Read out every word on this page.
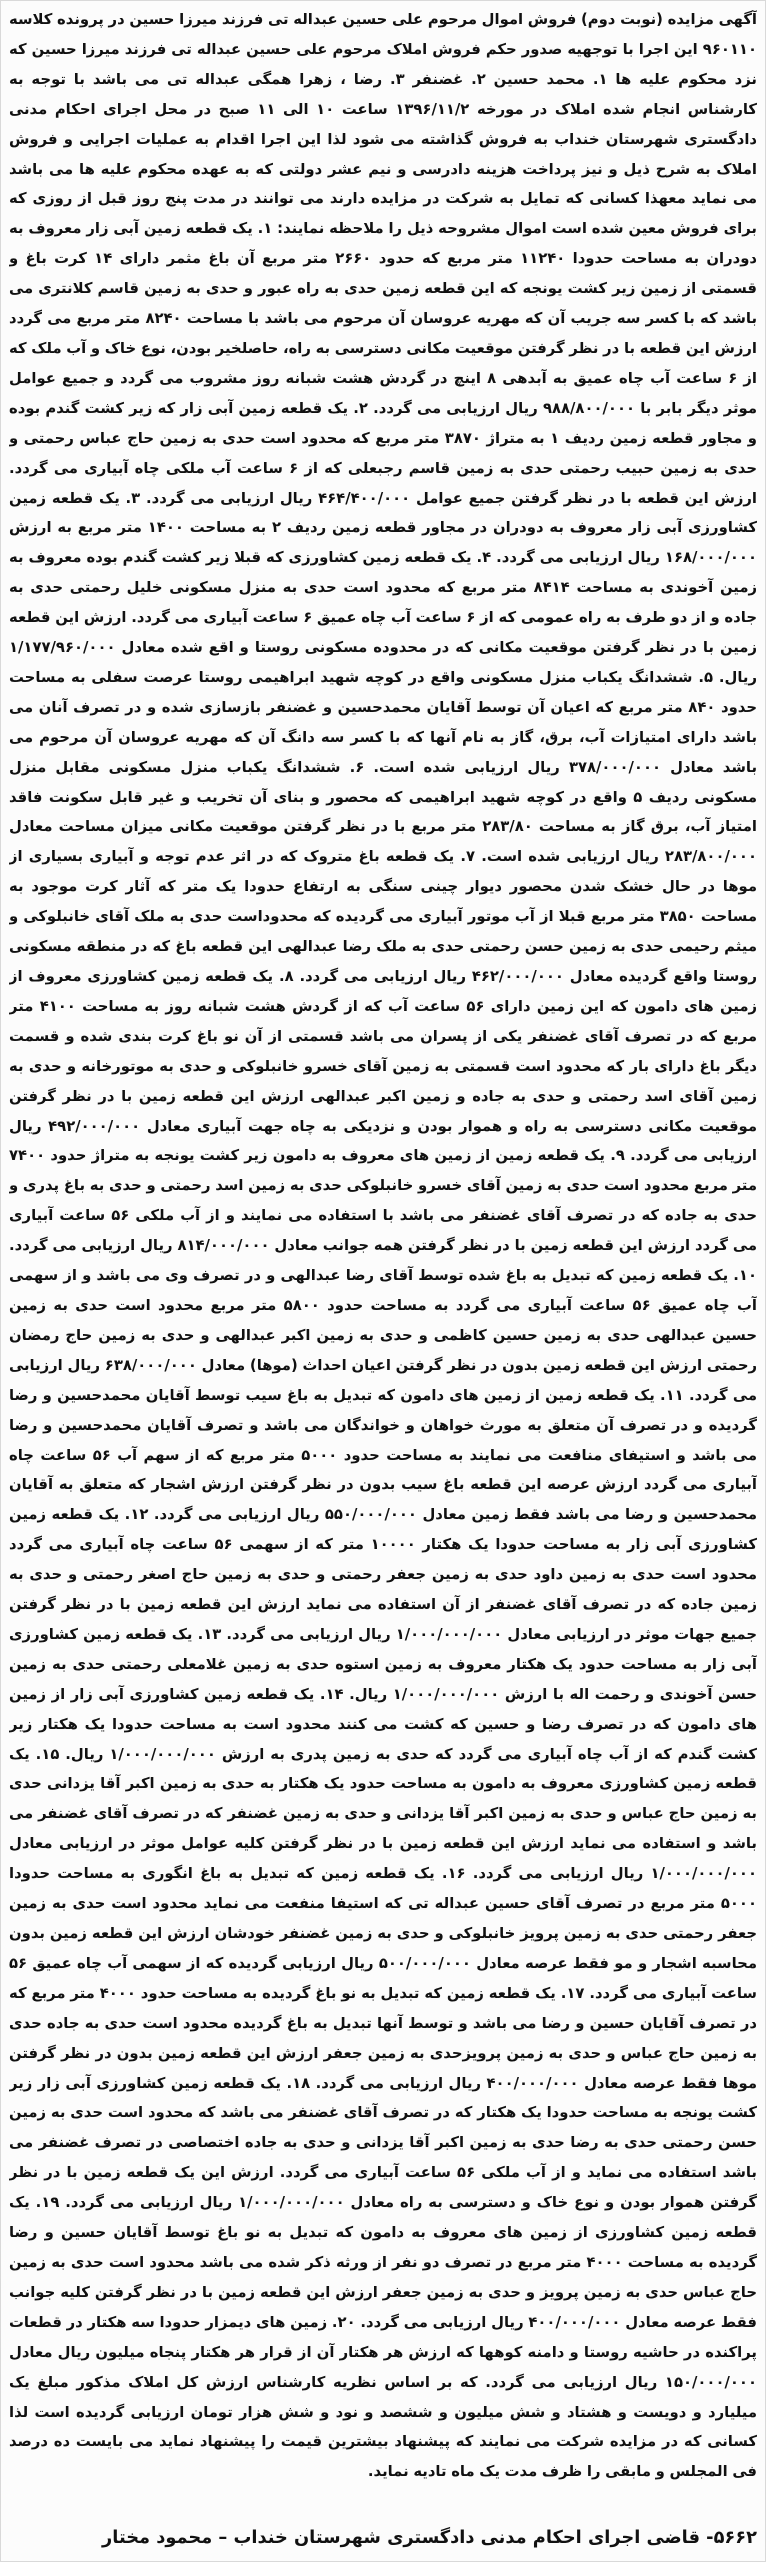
آگهی مزایده (نوبت دوم) فروش اموال مرحوم علی حسین عبداله تی فرزند میرزا حسین در پرونده کلاسه ۹۶۰۱۱۰ این اجرا با توجهیه صدور حکم فروش املاک مرحوم علی حسین عبداله تی فرزند میرزا حسین که نزد محکوم علیه ها ۱. محمد حسین ۲. غضنفر ۳. رضا ، زهرا همگی عبداله تی می باشد با توجه به کارشناس انجام شده املاک در مورخه ۱۳۹۶/۱۱/۲ ساعت ۱۰ الی ۱۱ صبح در محل اجرای احکام مدنی دادگستری شهرستان خنداب به فروش گذاشته می شود لذا این اجرا اقدام به عملیات اجرایی و فروش املاک به شرح ذیل و نیز پرداخت هزینه دادرسی و نیم عشر دولتی که به عهده محکوم علیه ها می باشد می نماید معهذا کسانی که تمایل به شرکت در مزایده دارند می توانند در مدت پنج روز قبل از روزی که برای فروش معین شده است اموال مشروحه ذیل را ملاحظه نمایند: ۱. یک قطعه زمین آبی زار معروف به دودران به مساحت حدودا ۱۱۲۴۰ متر مربع که حدود ۲۶۶۰ متر مربع آن باغ مثمر دارای ۱۴ کرت باغ و قسمتی از زمین زیر کشت یونجه که این قطعه زمین حدی به راه عبور و حدی به زمین قاسم کلانتری می باشد که با کسر سه جریب آن که مهریه عروسان آن مرحوم می باشد با مساحت ۸۲۴۰ متر مربع می گردد ارزش این قطعه با در نظر گرفتن موقعیت مکانی دسترسی به راه، حاصلخیر بودن، نوع خاک و آب ملک که از ۶ ساعت آب چاه عمیق به آبدهی ۸ اینچ در گردش هشت شبانه روز مشروب می گردد و جمیع عوامل موثر دیگر بابر با ۹۸۸/۸۰۰/۰۰۰ ریال ارزیابی می گردد. ۲. یک قطعه زمین آبی زار که زیر کشت گندم بوده و مجاور قطعه زمین ردیف ۱ به متراژ ۳۸۷۰ متر مربع که محدود است حدی به زمین حاج عباس رحمتی و حدی به زمین حبیب رحمتی حدی به زمین قاسم رجبعلی که از ۶ ساعت آب ملکی چاه آبیاری می گردد. ارزش این قطعه با در نظر گرفتن جمیع عوامل ۴۶۴/۴۰۰/۰۰۰ ریال ارزیابی می گردد. ۳. یک قطعه زمین کشاورزی آبی زار معروف به دودران در مجاور قطعه زمین ردیف ۲ به مساحت ۱۴۰۰ متر مربع به ارزش ۱۶۸/۰۰۰/۰۰۰ ریال ارزیابی می گردد. ۴. یک قطعه زمین کشاورزی که قبلا زیر کشت گندم بوده معروف به زمین آخوندی به مساحت ۸۴۱۴ متر مربع که محدود است حدی به منزل مسکونی خلیل رحمتی حدی به جاده و از دو طرف به راه عمومی که از ۶ ساعت آب چاه عمیق ۶ ساعت آبیاری می گردد. ارزش این قطعه زمین با در نظر گرفتن موقعیت مکانی که در محدوده مسکونی روستا و اقع شده معادل ۱/۱۷۷/۹۶۰/۰۰۰ ریال. ۵. ششدانگ یکباب منزل مسکونی واقع در کوچه شهید ابراهیمی روستا عرصت سفلی به مساحت حدود ۸۴۰ متر مربع که اعیان آن توسط آقایان محمدحسین و غضنفر بازسازی شده و در تصرف آنان می باشد دارای امتیازات آب، برق، گاز به نام آنها که با کسر سه دانگ آن که مهریه عروسان آن مرحوم می باشد معادل ۳۷۸/۰۰۰/۰۰۰ ریال ارزیابی شده است. ۶. ششدانگ یکباب منزل مسکونی مقابل منزل مسکونی ردیف ۵ واقع در کوچه شهید ابراهیمی که محصور و بنای آن تخریب و غیر قابل سکونت فاقد امتیاز آب، برق گاز به مساحت ۲۸۳/۸۰ متر مربع با در نظر گرفتن موقعیت مکانی میزان مساحت معادل ۲۸۳/۸۰۰/۰۰۰ ریال ارزیابی شده است. ۷. یک قطعه باغ متروک که در اثر عدم توجه و آبیاری بسیاری از موها در حال خشک شدن محصور دیوار چینی سنگی به ارتفاع حدودا یک متر که آثار کرت موجود به مساحت ۳۸۵۰ متر مربع قبلا از آب موتور آبیاری می گردیده که محدوداست حدی به ملک آقای خانبلوکی و میثم رحیمی حدی به زمین حسن رحمتی حدی به ملک رضا عبدالهی این قطعه باغ که در منطقه مسکونی روستا واقع گردیده معادل ۴۶۲/۰۰۰/۰۰۰ ریال ارزیابی می گردد. ۸. یک قطعه زمین کشاورزی معروف از زمین های دامون که این زمین دارای ۵۶ ساعت آب که از گردش هشت شبانه روز به مساحت ۴۱۰۰ متر مربع که در تصرف آقای غضنفر یکی از پسران می باشد قسمتی از آن نو باغ کرت بندی شده و قسمت دیگر باغ دارای بار که محدود است قسمتی به زمین آقای خسرو خانبلوکی و حدی به موتورخانه و حدی به زمین آقای اسد رحمتی و حدی به جاده و زمین اکبر عبدالهی ارزش این قطعه زمین با در نظر گرفتن موقعیت مکانی دسترسی به راه و هموار بودن و نزدیکی به چاه جهت آبیاری معادل ۴۹۲/۰۰۰/۰۰۰ ریال ارزیابی می گردد. ۹. یک قطعه زمین از زمین های معروف به دامون زیر کشت یونجه به متراژ حدود ۷۴۰۰ متر مربع محدود است حدی به زمین آقای خسرو خانبلوکی حدی به زمین اسد رحمتی و حدی به باغ پدری و حدی به جاده که در تصرف آقای غضنفر می باشد با استفاده می نمایند و از آب ملکی ۵۶ ساعت آبیاری می گردد ارزش این قطعه زمین با در نظر گرفتن همه جوانب معادل ۸۱۴/۰۰۰/۰۰۰ ریال ارزیابی می گردد. ۱۰. یک قطعه زمین که تبدیل به باغ شده توسط آقای رضا عبدالهی و در تصرف وی می باشد و از سهمی آب چاه عمیق ۵۶ ساعت آبیاری می گردد به مساحت حدود ۵۸۰۰ متر مربع محدود است حدی به زمین حسین عبدالهی حدی به زمین حسین کاظمی و حدی به زمین اکبر عبدالهی و حدی به زمین حاج رمضان رحمتی ارزش این قطعه زمین بدون در نظر گرفتن اعیان احداث (موها) معادل ۶۳۸/۰۰۰/۰۰۰ ریال ارزیابی می گردد. ۱۱. یک قطعه زمین از زمین های دامون که تبدیل به باغ سیب توسط آقایان محمدحسین و رضا گردیده و در تصرف آن متعلق به مورث خواهان و خواندگان می باشد و تصرف آقایان محمدحسین و رضا می باشد و استیفای منافعت می نمایند به مساحت حدود ۵۰۰۰ متر مربع که از سهم آب ۵۶ ساعت چاه آبیاری می گردد ارزش عرصه این قطعه باغ سیب بدون در نظر گرفتن ارزش اشجار که متعلق به آقایان محمدحسین و رضا می باشد فقط زمین معادل ۵۵۰/۰۰۰/۰۰۰ ریال ارزیابی می گردد. ۱۲. یک قطعه زمین کشاورزی آبی زار به مساحت حدودا یک هکتار ۱۰۰۰۰ متر که از سهمی ۵۶ ساعت چاه آبیاری می گردد محدود است حدی به زمین داود حدی به زمین جعفر رحمتی و حدی به زمین حاج اصغر رحمتی و حدی به زمین جاده که در تصرف آقای غضنفر از آن استفاده می نماید ارزش این قطعه زمین با در نظر گرفتن جمیع جهات موثر در ارزیابی معادل ۱/۰۰۰/۰۰۰/۰۰۰ ریال ارزیابی می گردد. ۱۳. یک قطعه زمین کشاورزی آبی زار به مساحت حدود یک هکتار معروف به زمین استوه حدی به زمین غلامعلی رحمتی حدی به زمین حسن آخوندی و رحمت اله با ارزش ۱/۰۰۰/۰۰۰/۰۰۰ ریال. ۱۴. یک قطعه زمین کشاورزی آبی زار از زمین های دامون که در تصرف رضا و حسین که کشت می کنند محدود است به مساحت حدودا یک هکتار زیر کشت گندم که از آب چاه آبیاری می گردد که حدی به زمین پدری به ارزش ۱/۰۰۰/۰۰۰/۰۰۰ ریال. ۱۵. یک قطعه زمین کشاورزی معروف به دامون به مساحت حدود یک هکتار به حدی به زمین اکبر آقا یزدانی حدی به زمین حاج عباس و حدی به زمین اکبر آقا یزدانی و حدی به زمین غضنفر که در تصرف آقای غضنفر می باشد و استفاده می نماید ارزش این قطعه زمین با در نظر گرفتن کلیه عوامل موثر در ارزیابی معادل ۱/۰۰۰/۰۰۰/۰۰۰ ریال ارزیابی می گردد. ۱۶. یک قطعه زمین که تبدیل به باغ انگوری به مساحت حدودا ۵۰۰۰ متر مربع در تصرف آقای حسین عبداله تی که استیفا منفعت می نماید محدود است حدی به زمین جعفر رحمتی حدی به زمین پرویز خانبلوکی و حدی به زمین غضنفر خودشان ارزش این قطعه زمین بدون محاسبه اشجار و مو فقط عرصه معادل ۵۰۰/۰۰۰/۰۰۰ ریال ارزیابی گردیده که از سهمی آب چاه عمیق ۵۶ ساعت آبیاری می گردد. ۱۷. یک قطعه زمین که تبدیل به نو باغ گردیده به مساحت حدود ۴۰۰۰ متر مربع که در تصرف آقایان حسین و رضا می باشد و توسط آنها تبدیل به باغ گردیده محدود است حدی به جاده حدی به زمین حاج عباس و حدی به زمین پرویزحدی به زمین جعفر ارزش این قطعه زمین بدون در نظر گرفتن موها فقط عرصه معادل ۴۰۰/۰۰۰/۰۰۰ ریال ارزیابی می گردد. ۱۸. یک قطعه زمین کشاورزی آبی زار زیر کشت یونجه به مساحت حدودا یک هکتار که در تصرف آقای غضنفر می باشد که محدود است حدی به زمین حسن رحمتی حدی به رضا حدی به زمین اکبر آقا یزدانی و حدی به جاده اختصاصی در تصرف غضنفر می باشد استفاده می نماید و از آب ملکی ۵۶ ساعت آبیاری می گردد. ارزش این یک قطعه زمین با در نظر گرفتن هموار بودن و نوع خاک و دسترسی به راه معادل ۱/۰۰۰/۰۰۰/۰۰۰ ریال ارزیابی می گردد. ۱۹. یک قطعه زمین کشاورزی از زمین های معروف به دامون که تبدیل به نو باغ توسط آقایان حسین و رضا گردیده به مساحت ۴۰۰۰ متر مربع در تصرف دو نفر از ورثه ذکر شده می باشد محدود است حدی به زمین حاج عباس حدی به زمین پرویز و حدی به زمین جعفر ارزش این قطعه زمین با در نظر گرفتن کلیه جوانب فقط عرصه معادل ۴۰۰/۰۰۰/۰۰۰ ریال ارزیابی می گردد. ۲۰. زمین های دیمزار حدودا سه هکتار در قطعات پراکنده در حاشیه روستا و دامنه کوهها که ارزش هر هکتار آن از قرار هر هکتار پنجاه میلیون ریال معادل ۱۵۰/۰۰۰/۰۰۰ ریال ارزیابی می گردد. که بر اساس نظریه کارشناس ارزش کل املاک مذکور مبلغ یک میلیارد و دویست و هشتاد و شش میلیون و ششصد و نود و شش هزار تومان ارزیابی گردیده است لذا کسانی که در مزایده شرکت می نمایند که پیشنهاد بیشترین قیمت را پیشنهاد نماید می بایست ده درصد فی المجلس و مابقی را ظرف مدت یک ماه تادیه نماید.

۵۶۶۲- قاضی اجرای احکام مدنی دادگستری شهرستان خنداب – محمود مختار
